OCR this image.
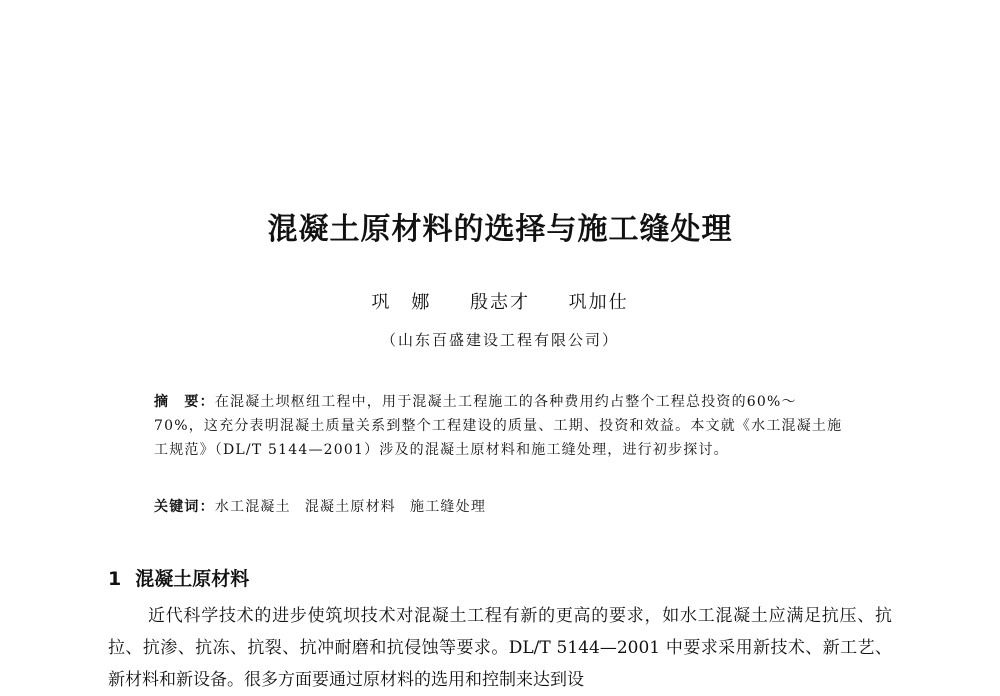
混凝土原材料的选择与施工缝处理
巩　娜 殷志才 巩加仕
（山东百盛建设工程有限公司）
摘　要：在混凝土坝枢纽工程中，用于混凝土工程施工的各种费用约占整个工程总投资的60%～70%，这充分表明混凝土质量关系到整个工程建设的质量、工期、投资和效益。本文就《水工混凝土施工规范》（DL/T 5144—2001）涉及的混凝土原材料和施工缝处理，进行初步探讨。
关键词：水工混凝土 混凝土原材料 施工缝处理
1 混凝土原材料
近代科学技术的进步使筑坝技术对混凝土工程有新的更高的要求，如水工混凝土应满足抗压、抗拉、抗渗、抗冻、抗裂、抗冲耐磨和抗侵蚀等要求。DL/T 5144—2001 中要求采用新技术、新工艺、新材料和新设备。很多方面要通过原材料的选用和控制来达到设
